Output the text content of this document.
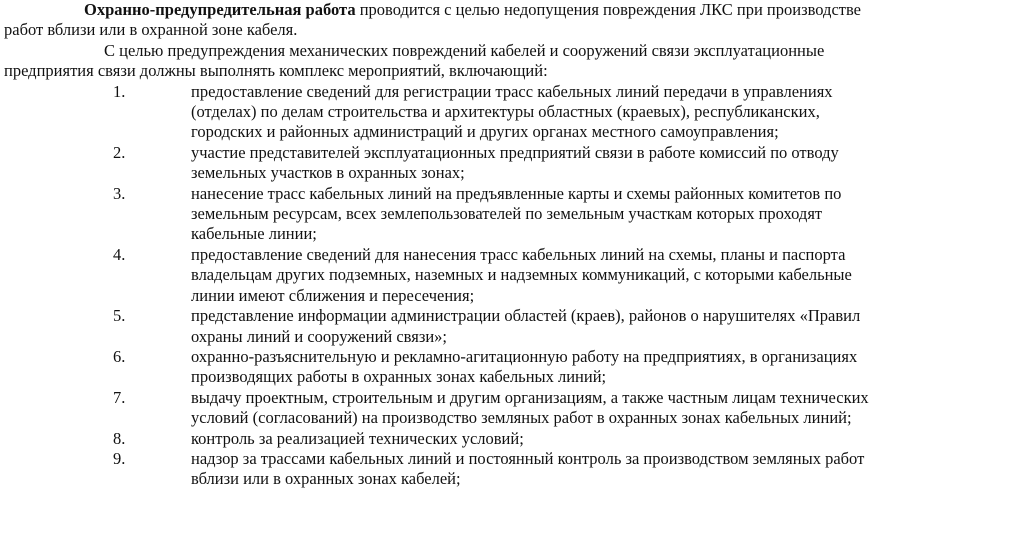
Охранно-предупредительная работа проводится с целью недопущения повреждения ЛКС при производстве
работ вблизи или в охранной зоне кабеля.

С целью предупреждения механических повреждений кабелей и сооружений связи эксплуатационные
предприятия связи должны выполнять комплекс мероприятий, включающий:

1.	предоставление сведений для регистрации трасс кабельных линий передачи в управлениях
(отделах) по делам строительства и архитектуры областных (краевых), республиканских,
городских и районных администраций и других органах местного самоуправления;
2.	участие представителей эксплуатационных предприятий связи в работе комиссий по отводу
земельных участков в охранных зонах;
3.	нанесение трасс кабельных линий на предъявленные карты и схемы районных комитетов по
земельным ресурсам, всех землепользователей по земельным участкам которых проходят
кабельные линии;
4.	предоставление сведений для нанесения трасс кабельных линий на схемы, планы и паспорта
владельцам других подземных, наземных и надземных коммуникаций, с которыми кабельные
линии имеют сближения и пересечения;
5.	представление информации администрации областей (краев), районов о нарушителях «Правил
охраны линий и сооружений связи»;
6.	охранно-разъяснительную и рекламно-агитационную работу на предприятиях, в организациях
производящих работы в охранных зонах кабельных линий;
7.	выдачу проектным, строительным и другим организациям, а также частным лицам технических
условий (согласований) на производство земляных работ в охранных зонах кабельных линий;
8.	контроль за реализацией технических условий;
9.	надзор за трассами кабельных линий и постоянный контроль за производством земляных работ
вблизи или в охранных зонах кабелей;
